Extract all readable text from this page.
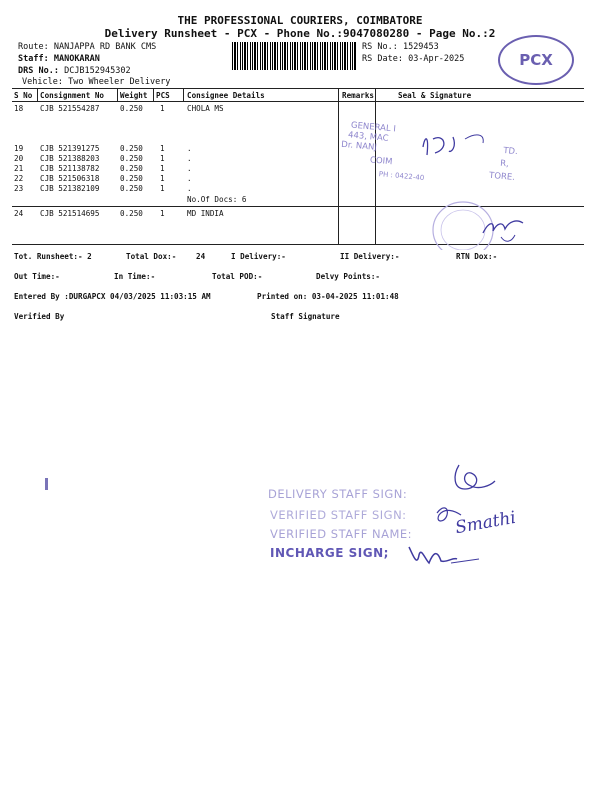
THE PROFESSIONAL COURIERS, COIMBATORE
Delivery Runsheet - PCX - Phone No.:9047080280 - Page No.:2
Route: NANJAPPA RD BANK CMS
Staff: MANOKARAN
DRS No.: DCJB152945302
Vehicle: Two Wheeler Delivery
RS No.: 1529453
RS Date: 03-Apr-2025	PCX
S No Consignment No Weight PCS Consignee Details	Remarks	Seal & Signature
18 CJB 521554287	0.250 1	CHOLA MS
19 CJB 521391275	0.250 1	.
20 CJB 521388203	0.250 1	.
21 CJB 521138782	0.250 1	.
22 CJB 521506318	0.250 1	.
23 CJB 521382109	0.250 1	.
No.Of Docs: 6
24 CJB 521514695	0.250 1	MD INDIA
GENERAL I
443, MAC
Dr. NANJ
COIM
PH : 0422-40
TD.
R,
TORE.
Tot. Runsheet:- 2	Total Dox:-	24	I Delivery:-	II Delivery:-	RTN Dox:-
Out Time:-	In Time:-	Total POD:-	Delvy Points:-
Entered By :DURGAPCX 04/03/2025 11:03:15 AM	Printed on: 03-04-2025 11:01:48
Verified By	Staff Signature
DELIVERY STAFF SIGN:
VERIFIED STAFF SIGN:
VERIFIED STAFF NAME:
INCHARGE SIGN;
Smathi
